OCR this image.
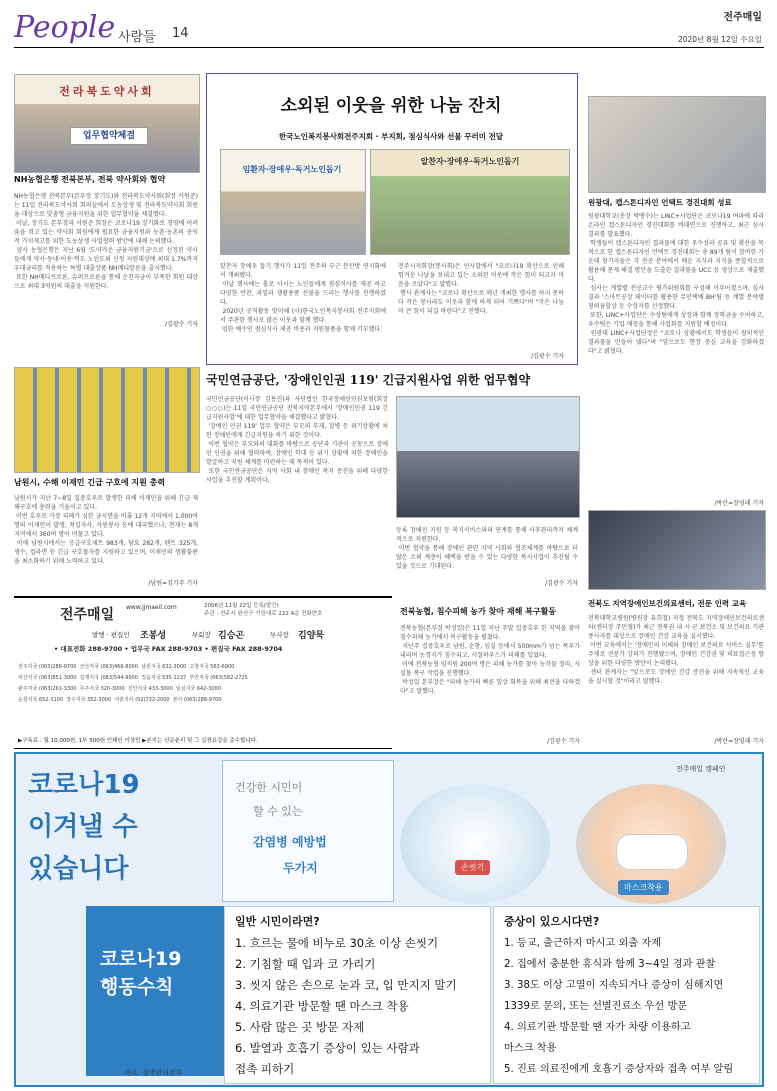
People 사람들 14
전주매일
2020년 8월 12일 수요일
전라북도약사회
업무협약체결
NH농협은행 전북본부, 전북 약사회와 협약
NH농협은행 전북본부(본부장 장기도)와 전라북도약사회(회장 서원준)는 11일 전라북도약사회 회의실에서 도농상생 및 전라북도약사회 회원을 대상으로 맞춤형 금융지원을 위한 업무협약을 체결했다.
이날, 장기도 본부장과 서원준 회장은 코로나19 장기화로 경영에 어려움을 겪고 있는 약사회 회원에게 필요한 금융지원과 농촌·농촌의 공익적 가치제고를 위한 도농상생 사업협력 방안에 대해 논의했다.
양사 농협은행은 지난 6월 '도약카운 금융지원기금'으로 선정된 약사들에게 약사·동네·이웃·먹도 노인도외 신청 지원대상에 최대 1.7%까지 우대금리를 적용하는 특별 대출상품 NH메디칼론을 출시했다.
또한 NH메디프로론, 슈퍼프로론을 통해 운전자금이 부족한 회원 대상으로 최대 3억원의 대출을 지원한다.
/김광수 기자
소외된 이웃을 위한 나눔 잔치
한국노인복지봉사회전주지회 · 부지회, 점심식사와 선물 꾸러미 전달
임환자·장애우·독거노인돕기
알찬자·장애우·독거노인돕기
알찬자 장애우 돕기 행사가 11일 전주의 부근 문산방 연지화에서 개최됐다.
이날 행사에는 홀로 사시는 노인들에게 점심식사를 제공 하고 다양한 반찬, 과일과 생활용품 선물을 드리는 행사를 진행하였다.
2020년 공직활동 맞이해 (사)한국노인복지봉사회 전주지회에서 주관한 행사로 많은 이웃과 함께 했다.
엄한 예수인 점심식사 제공 비용과 지원물품을 함께 기부했다.
전주시지회장(봉사회)은 인사말에서 "코로나19 확산으로 인해 힘겨운 나날을 보내고 있는 소외된 이웃에 작은 힘이 되고자 마음을 모았다"고 말했다.
행사 관계자는 "코로나 확산으로 매년 개최한 행사를 하지 못하다 작은 봉사라도 이웃과 함께 하게 되어 기쁘다"며 "작은 나눔이 큰 힘이 되길 바란다"고 전했다.
/김광수 기자
원광대, 캡스톤디자인 언택트 경진대회 성료
원광대학교(총장 박맹수)는 LINC+사업단은 코로나19 여파에 따라 온라인 캡스톤디자인 경진대회를 비대면으로 진행하고, 최근 심사 결과를 발표했다.
학생들이 캡스톤디자인 결과물에 대한 우수성과 공유 및 확산을 목적으로 한 캡스톤디자인 언택트 경진대회는 총 89개 팀이 참여한 가운데 창가자들은 각 전공 분야에서 배운 지식과 지식을 종합적으로 활용해 문제 해결 방안을 도출한 결과물을 UCC 등 영상으로 제출했다.
심사는 계열별 전공교수 평가위원회를 구성해 이루어졌으며, 심사 결과 '스마트공장 데이터를 활용한 무인택배 BH'팀 등 계열 분야별 창의융합상 등 수상자를 선정했다.
또한, LINC+사업단은 수상팀에게 상장과 함께 장학금을 수여하고, 우수팀은 기업 매칭을 통해 사업화를 지원할 예정이다.
원광대 LINC+사업단장은 "코로나 상황에서도 학생들이 창의적인 결과물을 만들어 냈다"며 "앞으로도 현장 중심 교육을 강화하겠다"고 밝혔다.
/박산=장영래 기자
국민연금공단, '장애인인권 119' 긴급지원사업 위한 업무협약
국민연금공단(이사장 김용진)과 사단법인 한국장애인인권포럼(회장 ○○○)는 11일 국민연금공단 전북지역본부에서 '장애인인권 119 긴급지원사업'에 대한 업무협약을 체결했다고 밝혔다.
'장애인 인권 119' 업무 협약은 부모의 부재, 질병 등 위기상황에 처한 장애인에게 긴급지원을 하기 위한 것이다.
이번 협약은 부모와의 대화를 바탕으로 공단과 기관이 공동으로 장애인 인권을 위해 협력하며, 장애인 학대 등 위기 상황에 처한 장애인을 발굴하고 지원 체계를 마련하는 데 목적이 있다.
또한 국민연금공단은 지역 사회 내 장애인 복지 증진을 위해 다양한 사업을 추진할 계획이다.
등록 장애인 지원 등 복지서비스와의 연계를 통해 사후관리까지 체계적으로 지원한다.
이번 협약을 통해 장애인 관련 지역 사회와 협조체계를 바탕으로 더 많은 소외 계층이 혜택을 받을 수 있는 다양한 복지사업이 추진될 수 있을 것으로 기대된다.
/김광수 기자
남원시, 수해 이재민 긴급 구호에 지원 총력
남원시가 지난 7~8일 집중호우로 발생한 피해 이재민을 위해 긴급 재해구호에 총력을 기울이고 있다.
이번 호우로 가장 피해가 심한 금지면을 비롯 12개 지역에서 1,000여 명의 이재민이 발생, 적십자사, 자원봉사 등에 대피했으나, 현재는 8개 지역에서 360여 명이 머물고 있다.
이에 남원시에서는 응급구호세트 983개, 담요 282개, 텐트 325개, 생수, 컵라면 등 긴급 구호물자를 지원하고 있으며, 이재민의 생활불편을 최소화하기 위해 노력하고 있다.
/남원=김기주 기자
전주매일 www.jjmaeil.com	2006년 11월 22일 등록(발간)
주관 : 전주시 완산구 기린대로 222 4층 전화번호
발행 · 편집인 조봉성	부회장 김승곤	부사장 김양묵
• 대표전화 288-9700 • 업무국 FAX 288-9703 • 편집국 FAX 288-9704
전주지국 (063)286-9700  군산지국 (063)466-8000  남원지국 632-3000  고창지국 563-6900
익산지국 (063)851-3000  김제지국 (063)544-9000  정읍지국 535-1227  부안지국 (063)582-2725
완주지국 (063)261-3300  무주지국 320-3000  진안지국 433-3000  임실지국 642-3000
순창지국 652-3100  장수지국 352-3000  서울지사 (02)732-2000  본사 (063)288-9700
▶구독료 : 월 10,000원, 1부 500원 인쇄인 이상민 ▶본지는 신문윤리 및 그 실천요강을 준수합니다.
전북농협, 침수피해 농가 찾아 재해 복구활동
전북농협(본부장 박성일)은 11일 지난 주말 집중호우 한 지역을 찾아 침수피해 농가에서 복구활동을 펼쳤다.
지난주 집중호우로 남원, 순창, 임실 등에서 500mm가 넘는 폭우가 내리며 농경지가 침수되고, 시설하우스가 피해를 입었다.
이에 전북농협 임직원 200여 명은 피해 농가를 찾아 농작물 정리, 시설물 복구 작업을 진행했다.
박성일 본부장은 "피해 농가의 빠른 일상 회복을 위해 최선을 다하겠다"고 말했다.
/김광수 기자
전북도 지역장애인보건의료센터, 전문 인력 교육
전북대학교병원(병원장 유희철) 지정 전북도 지역장애인보건의료센터(센터장 주민철)가 최근 전북권 내 시·군 보건소 및 보건의료 기관 종사자를 대상으로 장애인 건강 교육을 실시했다.
이번 교육에서는 '장애인의 이해와 장애인 보건의료 서비스 실무'를 주제로 전문가 강의가 진행됐으며, 장애인 건강권 및 의료접근성 향상을 위한 다양한 방안이 논의됐다.
센터 관계자는 "앞으로도 장애인 건강 증진을 위해 지속적인 교육을 실시할 것"이라고 말했다.
/박산=장영래 기자
코로나19
이겨낼 수
있습니다
건강한 시민이
할 수 있는
감염병 예방법
두가지	손씻기
전주매일 캠페인
마스크착용
코로나19
행동수칙
자료: 질병관리본부
일반 시민이라면?
1. 흐르는 물에 비누로 30초 이상 손씻기
2. 기침할 때 입과 코 가리기
3. 씻지 않은 손으로 눈과 코, 입 만지지 말기
4. 의료기관 방문할 땐 마스크 착용
5. 사람 많은 곳 방문 자제
6. 발열과 호흡기 증상이 있는 사람과
접촉 피하기
증상이 있으시다면?
1. 등교, 출근하지 마시고 외출 자제
2. 집에서 충분한 휴식과 함께 3~4일 경과 관찰
3. 38도 이상 고열이 지속되거나 증상이 심해지면
1339로 문의, 또는 선별진료소 우선 방문
4. 의료기관 방문할 땐 자가 차량 이용하고
마스크 착용
5. 진료 의료진에게 호흡기 증상자와 접촉 여부 알림
